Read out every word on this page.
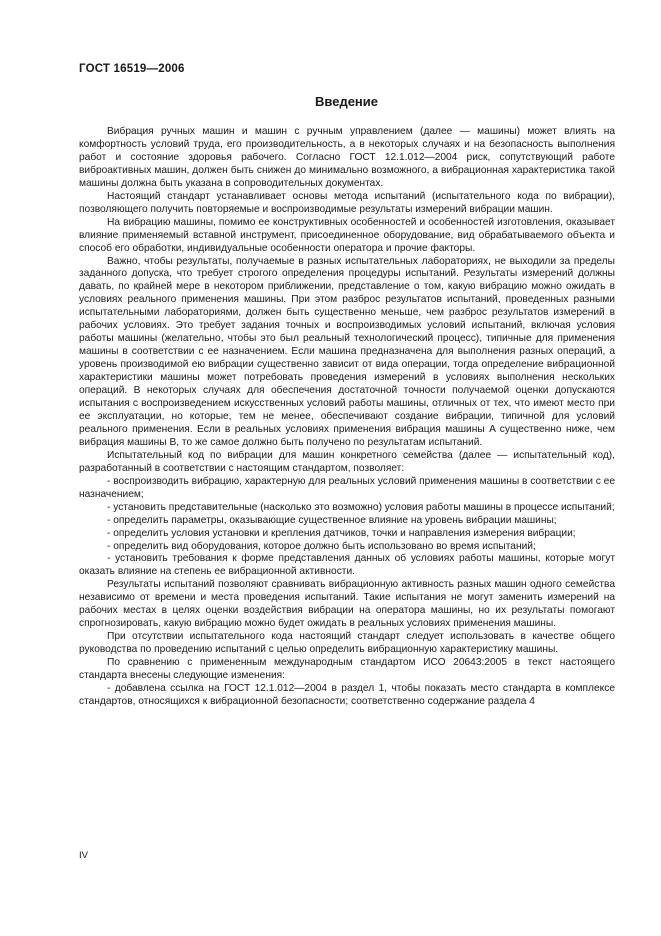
ГОСТ 16519—2006
Введение

Вибрация ручных машин и машин с ручным управлением (далее — машины) может влиять на комфортность условий труда, его производительность, а в некоторых случаях и на безопасность выполнения работ и состояние здоровья рабочего. Согласно ГОСТ 12.1.012—2004 риск, сопутствующий работе виброактивных машин, должен быть снижен до минимально возможного, а вибрационная характеристика такой машины должна быть указана в сопроводительных документах.

Настоящий стандарт устанавливает основы метода испытаний (испытательного кода по вибрации), позволяющего получить повторяемые и воспроизводимые результаты измерений вибрации машин.

На вибрацию машины, помимо ее конструктивных особенностей и особенностей изготовления, оказывает влияние применяемый вставной инструмент, присоединенное оборудование, вид обрабатываемого объекта и способ его обработки, индивидуальные особенности оператора и прочие факторы.

Важно, чтобы результаты, получаемые в разных испытательных лабораториях, не выходили за пределы заданного допуска, что требует строгого определения процедуры испытаний. Результаты измерений должны давать, по крайней мере в некотором приближении, представление о том, какую вибрацию можно ожидать в условиях реального применения машины. При этом разброс результатов испытаний, проведенных разными испытательными лабораториями, должен быть существенно меньше, чем разброс результатов измерений в рабочих условиях. Это требует задания точных и воспроизводимых условий испытаний, включая условия работы машины (желательно, чтобы это был реальный технологический процесс), типичные для применения машины в соответствии с ее назначением. Если машина предназначена для выполнения разных операций, а уровень производимой ею вибрации существенно зависит от вида операции, тогда определение вибрационной характеристики машины может потребовать проведения измерений в условиях выполнения нескольких операций. В некоторых случаях для обеспечения достаточной точности получаемой оценки допускаются испытания с воспроизведением искусственных условий работы машины, отличных от тех, что имеют место при ее эксплуатации, но которые, тем не менее, обеспечивают создание вибрации, типичной для условий реального применения. Если в реальных условиях применения вибрация машины A существенно ниже, чем вибрация машины B, то же самое должно быть получено по результатам испытаний.

Испытательный код по вибрации для машин конкретного семейства (далее — испытательный код), разработанный в соответствии с настоящим стандартом, позволяет:

- воспроизводить вибрацию, характерную для реальных условий применения машины в соответствии с ее назначением;

- установить представительные (насколько это возможно) условия работы машины в процессе испытаний;

- определить параметры, оказывающие существенное влияние на уровень вибрации машины;

- определить условия установки и крепления датчиков, точки и направления измерения вибрации;

- определить вид оборудования, которое должно быть использовано во время испытаний;

- установить требования к форме представления данных об условиях работы машины, которые могут оказать влияние на степень ее вибрационной активности.

Результаты испытаний позволяют сравнивать вибрационную активность разных машин одного семейства независимо от времени и места проведения испытаний. Такие испытания не могут заменить измерений на рабочих местах в целях оценки воздействия вибрации на оператора машины, но их результаты помогают спрогнозировать, какую вибрацию можно будет ожидать в реальных условиях применения машины.

При отсутствии испытательного кода настоящий стандарт следует использовать в качестве общего руководства по проведению испытаний с целью определить вибрационную характеристику машины.

По сравнению с примененным международным стандартом ИСО 20643:2005 в текст настоящего стандарта внесены следующие изменения:

- добавлена ссылка на ГОСТ 12.1.012—2004 в раздел 1, чтобы показать место стандарта в комплексе стандартов, относящихся к вибрационной безопасности; соответственно содержание раздела 4

IV
